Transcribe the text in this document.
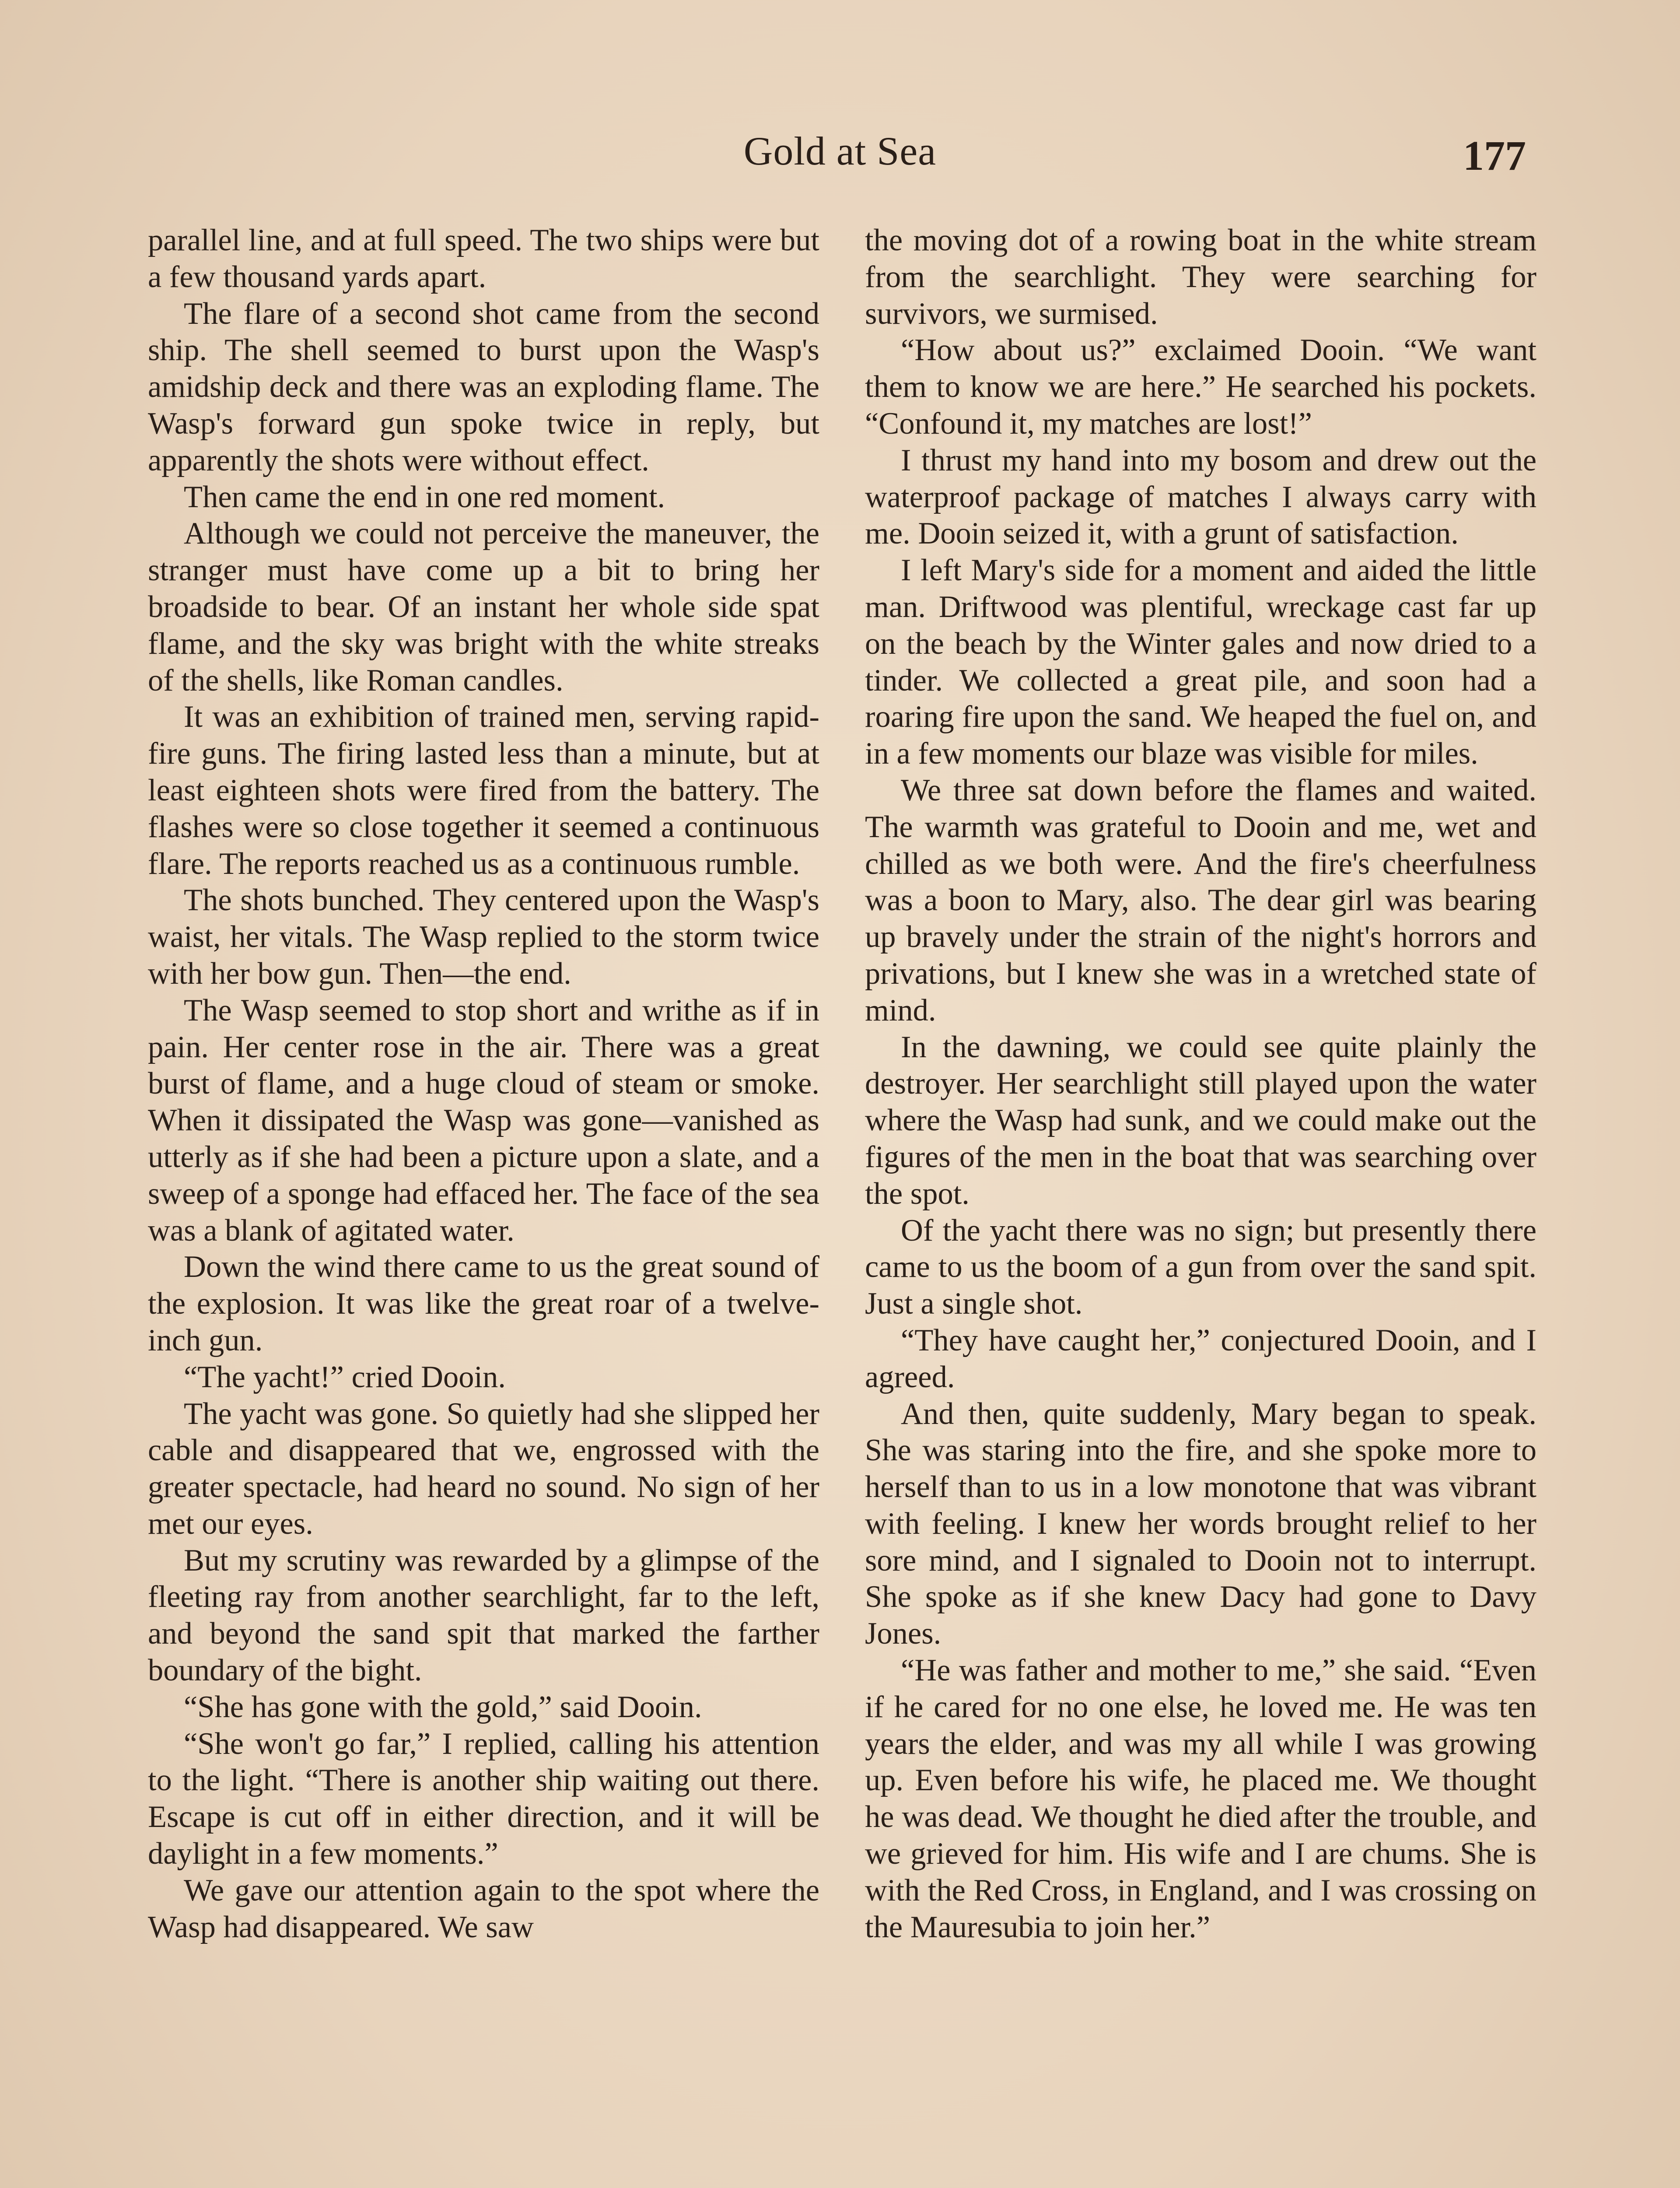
Gold at Sea	177

parallel line, and at full speed. The two ships were but a few thousand yards apart.

The flare of a second shot came from the second ship. The shell seemed to burst upon the Wasp's amidship deck and there was an exploding flame. The Wasp's forward gun spoke twice in reply, but apparently the shots were without effect.

Then came the end in one red moment.

Although we could not perceive the maneuver, the stranger must have come up a bit to bring her broadside to bear. Of an instant her whole side spat flame, and the sky was bright with the white streaks of the shells, like Roman candles.

It was an exhibition of trained men, serving rapid-fire guns. The firing lasted less than a minute, but at least eighteen shots were fired from the battery. The flashes were so close together it seemed a continuous flare. The reports reached us as a continuous rumble.

The shots bunched. They centered upon the Wasp's waist, her vitals. The Wasp replied to the storm twice with her bow gun. Then—the end.

The Wasp seemed to stop short and writhe as if in pain. Her center rose in the air. There was a great burst of flame, and a huge cloud of steam or smoke. When it dissipated the Wasp was gone—vanished as utterly as if she had been a picture upon a slate, and a sweep of a sponge had effaced her. The face of the sea was a blank of agitated water.

Down the wind there came to us the great sound of the explosion. It was like the great roar of a twelve-inch gun.

“The yacht!” cried Dooin.

The yacht was gone. So quietly had she slipped her cable and disappeared that we, engrossed with the greater spectacle, had heard no sound. No sign of her met our eyes.

But my scrutiny was rewarded by a glimpse of the fleeting ray from another searchlight, far to the left, and beyond the sand spit that marked the farther boundary of the bight.

“She has gone with the gold,” said Dooin.

“She won't go far,” I replied, calling his attention to the light. “There is another ship waiting out there. Escape is cut off in either direction, and it will be daylight in a few moments.”

We gave our attention again to the spot where the Wasp had disappeared. We saw

the moving dot of a rowing boat in the white stream from the searchlight. They were searching for survivors, we surmised.

“How about us?” exclaimed Dooin. “We want them to know we are here.” He searched his pockets. “Confound it, my matches are lost!”

I thrust my hand into my bosom and drew out the waterproof package of matches I always carry with me. Dooin seized it, with a grunt of satisfaction.

I left Mary's side for a moment and aided the little man. Driftwood was plentiful, wreckage cast far up on the beach by the Winter gales and now dried to a tinder. We collected a great pile, and soon had a roaring fire upon the sand. We heaped the fuel on, and in a few moments our blaze was visible for miles.

We three sat down before the flames and waited. The warmth was grateful to Dooin and me, wet and chilled as we both were. And the fire's cheerfulness was a boon to Mary, also. The dear girl was bearing up bravely under the strain of the night's horrors and privations, but I knew she was in a wretched state of mind.

In the dawning, we could see quite plainly the destroyer. Her searchlight still played upon the water where the Wasp had sunk, and we could make out the figures of the men in the boat that was searching over the spot.

Of the yacht there was no sign; but presently there came to us the boom of a gun from over the sand spit. Just a single shot.

“They have caught her,” conjectured Dooin, and I agreed.

And then, quite suddenly, Mary began to speak. She was staring into the fire, and she spoke more to herself than to us in a low monotone that was vibrant with feeling. I knew her words brought relief to her sore mind, and I signaled to Dooin not to interrupt. She spoke as if she knew Dacy had gone to Davy Jones.

“He was father and mother to me,” she said. “Even if he cared for no one else, he loved me. He was ten years the elder, and was my all while I was growing up. Even before his wife, he placed me. We thought he was dead. We thought he died after the trouble, and we grieved for him. His wife and I are chums. She is with the Red Cross, in England, and I was crossing on the Mauresubia to join her.”
